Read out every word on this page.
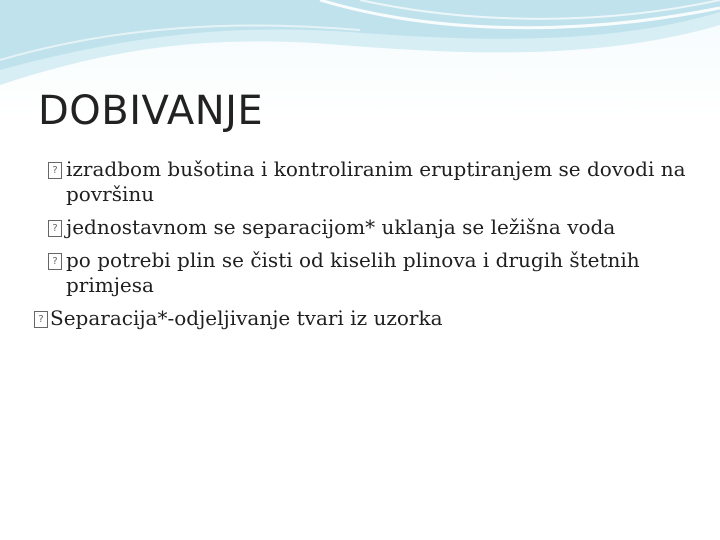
DOBIVANJE
? izradbom bušotina i kontroliranim eruptiranjem se dovodi na površinu
? jednostavnom se separacijom* uklanja se ležišna voda
? po potrebi plin se čisti od kiselih plinova i drugih štetnih primjesa
? Separacija*-odjeljivanje tvari iz uzorka
